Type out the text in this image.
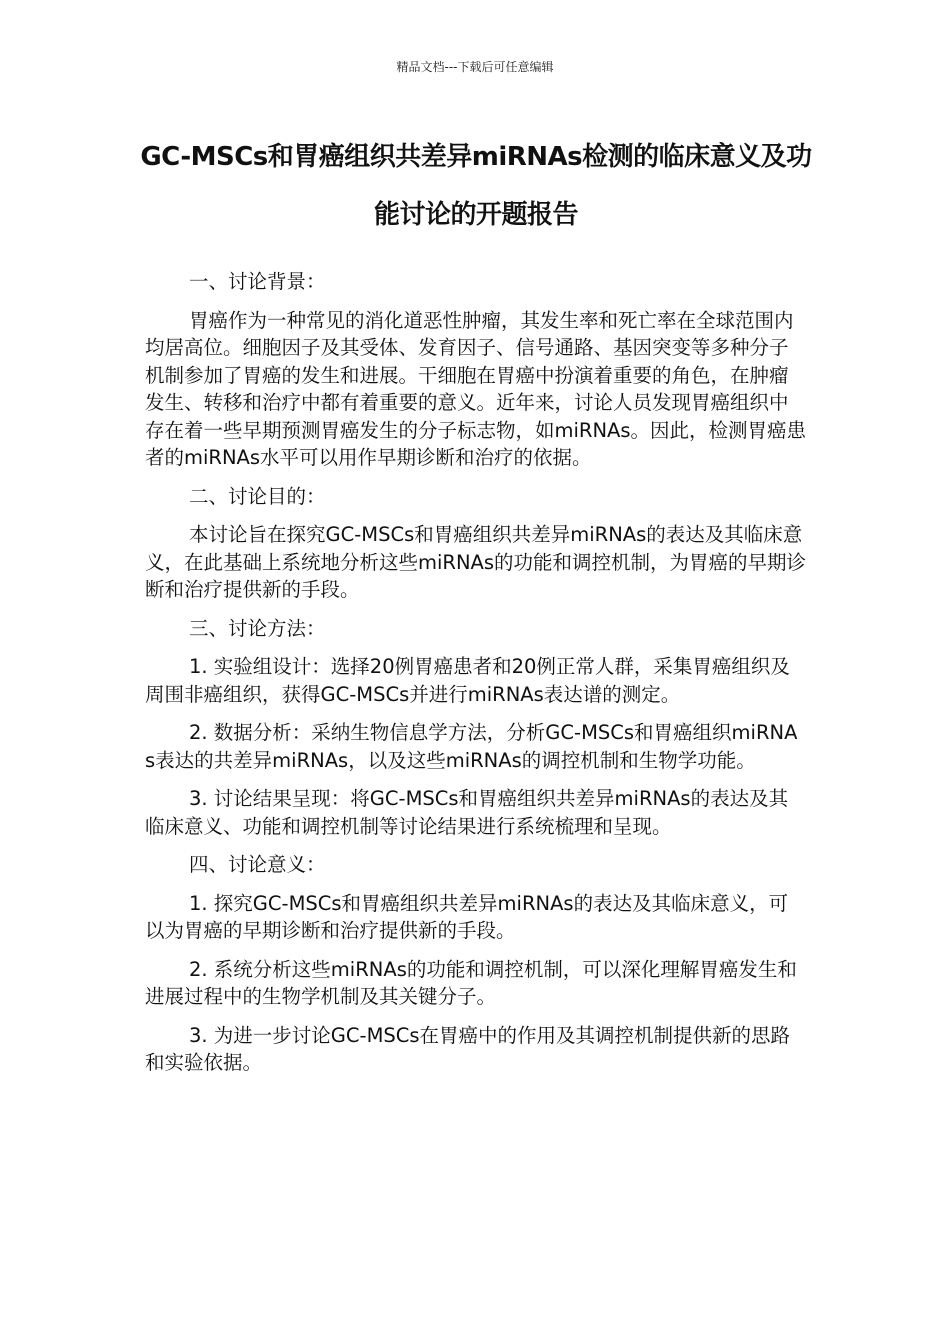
精品文档---下载后可任意编辑
GC-MSCs和胃癌组织共差异miRNAs检测的临床意义及功能讨论的开题报告

一、讨论背景：

胃癌作为一种常见的消化道恶性肿瘤，其发生率和死亡率在全球范围内均居高位。细胞因子及其受体、发育因子、信号通路、基因突变等多种分子机制参加了胃癌的发生和进展。干细胞在胃癌中扮演着重要的角色，在肿瘤发生、转移和治疗中都有着重要的意义。近年来，讨论人员发现胃癌组织中存在着一些早期预测胃癌发生的分子标志物，如miRNAs。因此，检测胃癌患者的miRNAs水平可以用作早期诊断和治疗的依据。

二、讨论目的：

本讨论旨在探究GC-MSCs和胃癌组织共差异miRNAs的表达及其临床意义，在此基础上系统地分析这些miRNAs的功能和调控机制，为胃癌的早期诊断和治疗提供新的手段。

三、讨论方法：

1. 实验组设计：选择20例胃癌患者和20例正常人群，采集胃癌组织及周围非癌组织，获得GC-MSCs并进行miRNAs表达谱的测定。

2. 数据分析：采纳生物信息学方法，分析GC-MSCs和胃癌组织miRNAs表达的共差异miRNAs，以及这些miRNAs的调控机制和生物学功能。

3. 讨论结果呈现：将GC-MSCs和胃癌组织共差异miRNAs的表达及其临床意义、功能和调控机制等讨论结果进行系统梳理和呈现。

四、讨论意义：

1. 探究GC-MSCs和胃癌组织共差异miRNAs的表达及其临床意义，可以为胃癌的早期诊断和治疗提供新的手段。

2. 系统分析这些miRNAs的功能和调控机制，可以深化理解胃癌发生和进展过程中的生物学机制及其关键分子。

3. 为进一步讨论GC-MSCs在胃癌中的作用及其调控机制提供新的思路和实验依据。
